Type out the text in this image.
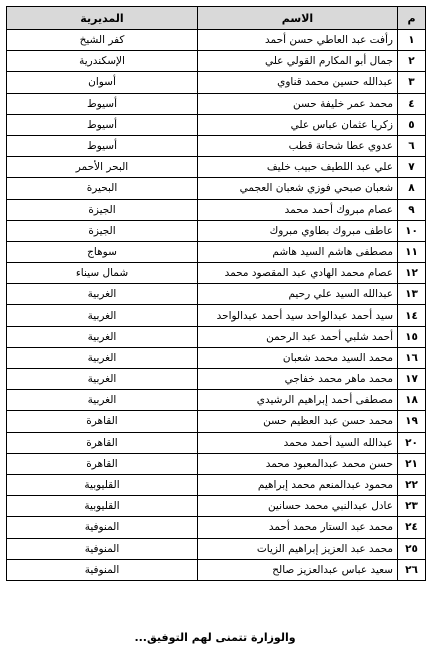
م	الاسم	المديرية
١	رأفت عبد العاطي حسن أحمد	كفر الشيخ
٢	جمال أبو المكارم القولي علي	الإسكندرية
٣	عبدالله حسين محمد قناوي	أسوان
٤	محمد عمر خليفة حسن	أسيوط
٥	زكريا عثمان عباس علي	أسيوط
٦	عدوي عطا شحاتة قطب	أسيوط
٧	علي عبد اللطيف حبيب خليف	البحر الأحمر
٨	شعبان صبحي فوزي شعبان العجمي	البحيرة
٩	عصام مبروك أحمد محمد	الجيزة
١٠	عاطف مبروك بطاوي مبروك	الجيزة
١١	مصطفى هاشم السيد هاشم	سوهاج
١٢	عصام محمد الهادي عبد المقصود محمد	شمال سيناء
١٣	عبدالله السيد علي رحيم	الغربية
١٤	سيد أحمد عبدالواحد سيد أحمد عبدالواحد	الغربية
١٥	أحمد شلبي أحمد عبد الرحمن	الغربية
١٦	محمد السيد محمد شعبان	الغربية
١٧	محمد ماهر محمد خفاجي	الغربية
١٨	مصطفى أحمد إبراهيم الرشيدي	الغربية
١٩	محمد حسن عبد العظيم حسن	القاهرة
٢٠	عبدالله السيد أحمد محمد	القاهرة
٢١	حسن محمد عبدالمعبود محمد	القاهرة
٢٢	محمود عبدالمنعم محمد إبراهيم	القليوبية
٢٣	عادل عبدالنبي محمد حسانين	القليوبية
٢٤	محمد عبد الستار محمد أحمد	المنوفية
٢٥	محمد عبد العزيز إبراهيم الزيات	المنوفية
٢٦	سعيد عباس عبدالعزيز صالح	المنوفية
والوزارة تتمنى لهم التوفيق...
